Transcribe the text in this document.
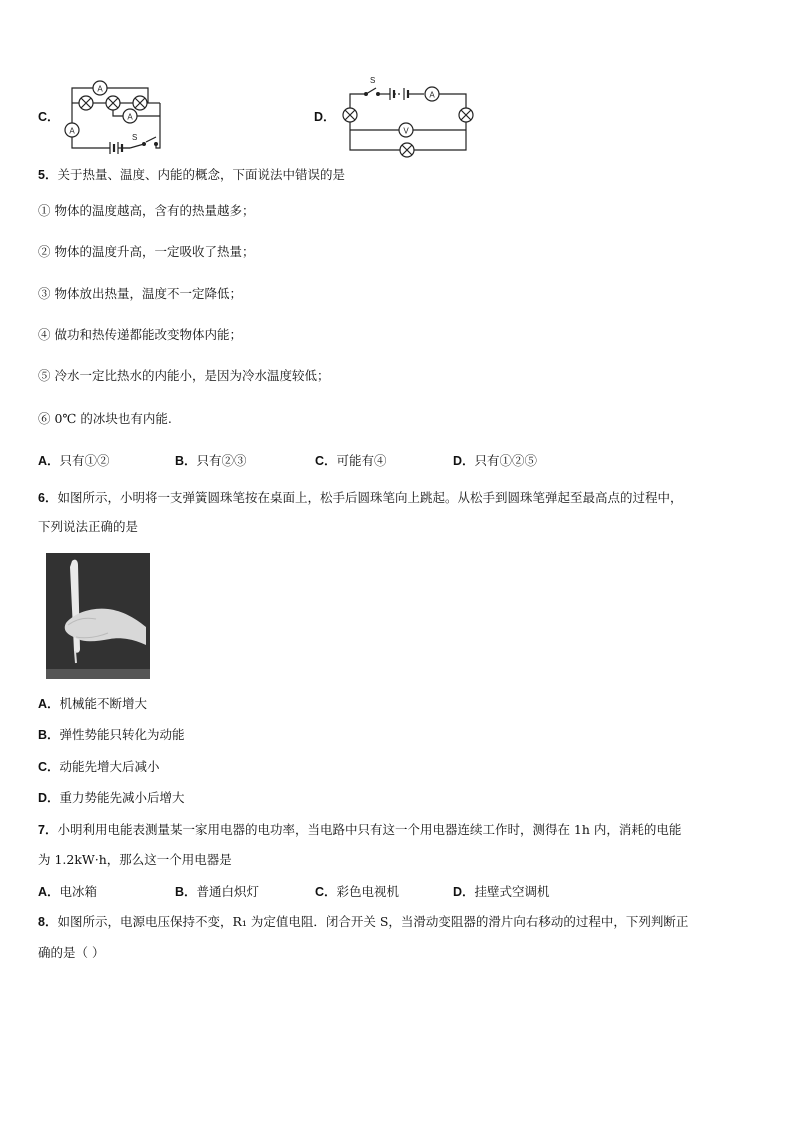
C．
A
A
A
S
D．
A
V
S
5．关于热量、温度、内能的概念，下面说法中错误的是
① 物体的温度越高，含有的热量越多；
② 物体的温度升高，一定吸收了热量；
③ 物体放出热量，温度不一定降低；
④ 做功和热传递都能改变物体内能；
⑤ 冷水一定比热水的内能小，是因为冷水温度较低；
⑥ 0℃ 的冰块也有内能.
A．只有①②	B．只有②③	C．可能有④	D．只有①②⑤
6．如图所示，小明将一支弹簧圆珠笔按在桌面上，松手后圆珠笔向上跳起。从松手到圆珠笔弹起至最高点的过程中，
下列说法正确的是
A．机械能不断增大
B．弹性势能只转化为动能
C．动能先增大后减小
D．重力势能先减小后增大
7．小明利用电能表测量某一家用电器的电功率，当电路中只有这一个用电器连续工作时，测得在 1h 内，消耗的电能
为 1.2kW·h，那么这一个用电器是
A．电冰箱	B．普通白炽灯	C．彩色电视机	D．挂壁式空调机
8．如图所示，电源电压保持不变，R₁ 为定值电阻．闭合开关 S，当滑动变阻器的滑片向右移动的过程中，下列判断正
确的是（ ）
